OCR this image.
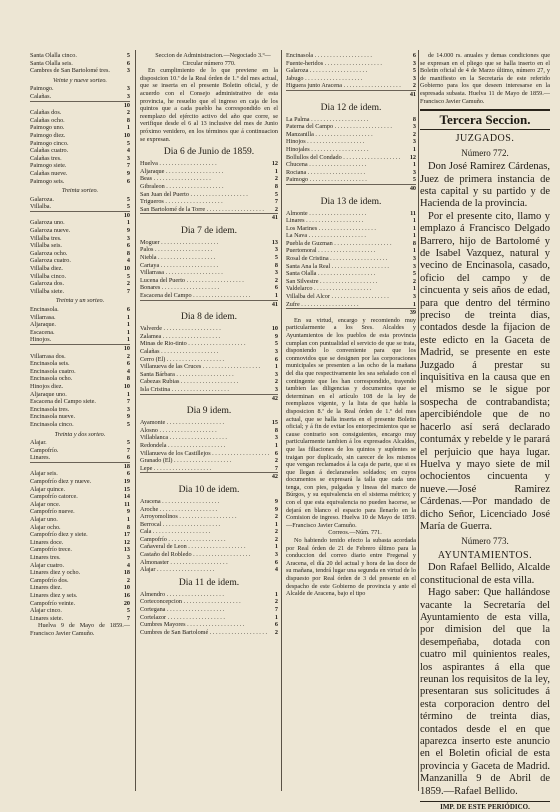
Santa Olalla cinco.	5
Santa Olalla seis.	6
Cambres de San Bartolomé tres.	3
Veinte y nueve sorteo.
Paimogo.	3
Calañas.	3
10
Calañas dos.	2
Calañas ocho.	8
Paimogo uno.	1
Paimogo diez.	10
Paimogo cinco.	5
Calañas cuatro.	4
Calañas tres.	3
Paimogo siete.	7
Calañas nueve.	9
Paimogo seis.	6
Treinta sorteo.
Galaroza.	5
Villalba.	5
10
Galaroza uno.	1
Galaroza nueve.	9
Villalba tres.	3
Villalba seis.	6
Galaroza ocho.	8
Galaroza cuatro.	4
Villalba diez.	10
Villalba cinco.	5
Galaroza dos.	2
Villalba siete.	7
Treinta y un sorteo.
Encinasola.	6
Villarrasa.	1
Aljaraque.	1
Escacena.	1
Hinojos.	1
10
Villarrasa dos.	2
Encinasola seis.	6
Encinasola cuatro.	4
Encinasola ocho.	8
Hinojos diez.	10
Aljaraque uno.	1
Escacena del Campo siete.	7
Encinasola tres.	3
Encinasola nueve.	9
Encinasola cinco.	5
Treinta y dos sorteo.
Alajar.	5
Campofrío.	7
Linares.	6
18
Alajar seis.	6
Campofrío diez y nueve.	19
Alajar quince.	15
Campofrío catorce.	14
Alajar once.	11
Campofrío nueve.	9
Alajar uno.	1
Alajar ocho.	8
Campofrío diez y siete.	17
Linares doce.	12
Campofrío trece.	13
Linares tres.	3
Alajar cuatro.	4
Linares diez y ocho.	18
Campofrío dos.	2
Linares diez.	10
Linares diez y seis.	16
Campofrío veinte.	20
Alajar cinco.	5
Linares siete.	7

Huelva 9 de Mayo de 1859.—Francisco Javier Camuño.

Seccion de Administracion.—Negociado 3.º—Circular número 770.

En cumplimiento de lo que previene en la disposicion 10.ª de la Real órden de 1.º del mes actual, que se inserta en el presente Boletin oficial, y de acuerdo con el Consejo administrativo de esta provincia, he resuelto que el ingreso en caja de los quintos que a cada pueblo ha correspondido en el reemplazo del ejército activo del año que corre, se verifique desde el 6 al 13 inclusive del mes de Junio próximo venidero, en los términos que á continuacion se expresan.

Dia 6 de Junio de 1859.
Huelva . . .	12
Aljaraque . . .	1
Beas . . .	2
Gibraleon . . .	8
San Juan del Puerto . . .	5
Trigueros . . .	7
San Bartolomé de la Torre . . .	2
41
Dia 7 de idem.
Moguer . . .	13
Palos . . .	3
Niebla . . .	5
Cartaya . . .	8
Villarrasa . . .	3
Lucena del Puerto . . .	2
Bonares . . .	6
Escacena del Campo . . .	1
41
Dia 8 de idem.
Valverde . . .	10
Zalamea . . .	9
Minas de Rio-tinto . . .	5
Calañas . . .	3
Cerro (El) . . .	6
Villanueva de las Cruces . . .	1
Santa Bárbara . . .	3
Cabezas Rubias . . .	2
Isla Cristina . . .	3
42
Dia 9 idem.
Ayamonte . . .	15
Alosno . . .	8
Villablanca . . .	3
Redondela . . .	1
Villanueva de los Castillejos . . .	6
Granado (El) . . .	2
Lepe . . .	7
42
Dia 10 de idem.
Aracena . . .	9
Aroche . . .	9
Arroyomolinos . . .	2
Berrocal . . .	1
Cala . . .	2
Campofrío . . .	2
Cañaveral de Leon . . .	1
Castaño del Robledo . . .	3
Almonaster . . .	6
Alajar . . .	4
Dia 11 de idem.
Almendro . . .	1
Corteconcepcion . . .	2
Cortegana . . .	7
Cortelazor . . .	1
Cumbres Mayores . . .	6
Cumbres de San Bartolomé . . .	2
Encinasola . . .	6
Fuente-heridos . . .	3
Galaroza . . .	5
Jabugo . . .	3
Higuera junto Aracena . . .	2
41
Dia 12 de idem.
La Palma . . .	8
Paterna del Campo . . .	3
Manzanilla . . .	2
Hinojos . . .	3
Hinojales . . .	1
Bollullos del Condado . . .	12
Chucena . . .	1
Rociana . . .	3
Paimogo . . .	5
40
Dia 13 de idem.
Almonte . . .	11
Linares . . .	1
Los Marines . . .	1
La Nava . . .	1
Puebla de Guzman . . .	8
Puertomoral . . .	1
Rosal de Cristina . . .	3
Santa Ana la Real . . .	3
Santa Olalla . . .	5
San Silvestre . . .	2
Valdelarco . . .	1
Villalba del Alcor . . .	3
Zufre . . .	1
39

En su virtud, encargo y recomiendo muy particularmente a los Sres. Alcaldes y Ayuntamientos de los pueblos de esta provincia cumplan con puntualidad el servicio de que se trata, disponiendo lo conveniente para que los conmovidos que se designen por las corporaciones municipales se presenten a las ocho de la mañana del dia que respectivamente les sea señalado con el contingente que les han correspondido, trayendo tambien las diligencias y documentos que se determinan en el artículo 108 de la ley de reemplazos vigente, y la lista de que habla la disposicion 8.ª de la Real órden de 1.º del mes actual, que se halla inserta en el presente Boletin oficial; y á fin de evitar los entorpecimientos que se cause contrario son consiguientes, encargo muy particularmente tambien á los expresados Alcaldes, que las filiaciones de los quintos y suplentes se traigan por duplicado, sin carecer de los mismos que vengan reclamados á la caja de parte, que si es que llegan á declararseles soldados; en cuyos documentos se expresará la talla que cada uno tenga, con pies, pulgadas y lineas del marco de Búrgos, y su equivalencia en el sistema métrico; y con el que esta equivalencia no pueden hacerse, se dejará en blanco el espacio para llenarlo en la Comision de ingreso. Huelva 10 de Mayo de 1859.—Francisco Javier Camuño.

Correos.—Núm. 771.

No habiendo tenido efecto la subasta acordada por Real órden de 21 de Febrero último para la conduccion del correo diario entre Fregenal y Aracena, el día 20 del actual y hora de las doce de su mañana, tendrá lugar una segunda en virtud de lo dispuesto por Real órden de 3 del presente en el despacho de este Gobierno de provincia y ante el Alcalde de Aracena, bajo el tipo

de 14.000 rs. anuales y demas condiciones que se expresan en el pliego que se halla inserto en el Boletin oficial de 4 de Marzo último, número 27, y de manifiesto en la Secretaría de este referido Gobierno para los que deseen interesarse en la espresada subasta. Huelva 11 de Mayo de 1859.—Francisco Javier Camuño.

Tercera Seccion.
JUZGADOS.
Número 772.

Don José Ramirez Cárdenas, Juez de primera instancia de esta capital y su partido y de Hacienda de la provincia.

Por el presente cito, llamo y emplazo á Francisco Delgado Barrero, hijo de Bartolomé y de Isabel Vazquez, natural y vecino de Encinasola, casado, oficio del campo y de cincuenta y seis años de edad, para que dentro del término preciso de treinta dias, contados desde la fijacion de este edicto en la Gaceta de Madrid, se presente en este Juzgado á prestar su inquisitiva en la causa que en el mismo se le sigue por sospecha de contrabandista; apercibiéndole que de no hacerlo así será declarado contumáx y rebelde y le parará el perjuicio que haya lugar. Huelva y mayo siete de mil ochocientos cincuenta y nueve.—José Ramirez Cárdenas.—Por mandado de dicho Señor, Licenciado José María de Guerra.

Número 773.
AYUNTAMIENTOS.

Don Rafael Bellido, Alcalde constitucional de esta villa.

Hago saber: Que hallándose vacante la Secretaría del Ayuntamiento de esta villa, por dimision del que la desempeñaba, dotada con cuatro mil quinientos reales, los aspirantes á ella que reunan los requisitos de la ley, presentaran sus solicitudes á esta corporacion dentro del término de treinta dias, contados desde el en que aparezca inserto este anuncio en el Boletin oficial de esta provincia y Gaceta de Madrid. Manzanilla 9 de Abril de 1859.—Rafael Bellido.

IMP. DE ESTE PERIÓDICO.
